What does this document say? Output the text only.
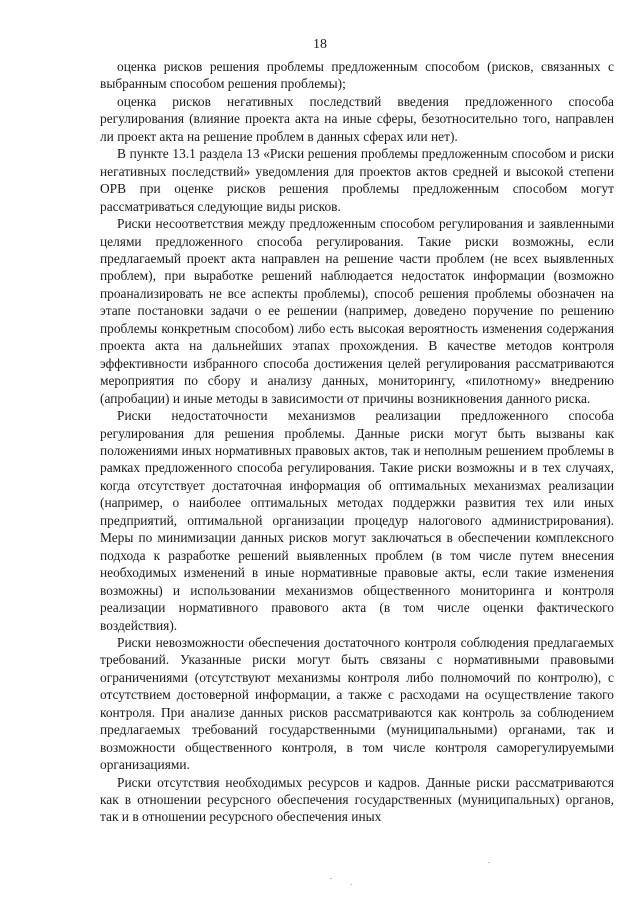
18

оценка рисков решения проблемы предложенным способом (рисков, связанных с выбранным способом решения проблемы);

оценка рисков негативных последствий введения предложенного способа регулирования (влияние проекта акта на иные сферы, безотносительно того, направлен ли проект акта на решение проблем в данных сферах или нет).

В пункте 13.1 раздела 13 «Риски решения проблемы предложенным способом и риски негативных последствий» уведомления для проектов актов средней и высокой степени ОРВ при оценке рисков решения проблемы предложенным способом могут рассматриваться следующие виды рисков.

Риски несоответствия между предложенным способом регулирования и заявленными целями предложенного способа регулирования. Такие риски возможны, если предлагаемый проект акта направлен на решение части проблем (не всех выявленных проблем), при выработке решений наблюдается недостаток информации (возможно проанализировать не все аспекты проблемы), способ решения проблемы обозначен на этапе постановки задачи о ее решении (например, доведено поручение по решению проблемы конкретным способом) либо есть высокая вероятность изменения содержания проекта акта на дальнейших этапах прохождения. В качестве методов контроля эффективности избранного способа достижения целей регулирования рассматриваются мероприятия по сбору и анализу данных, мониторингу, «пилотному» внедрению (апробации) и иные методы в зависимости от причины возникновения данного риска.

Риски недостаточности механизмов реализации предложенного способа регулирования для решения проблемы. Данные риски могут быть вызваны как положениями иных нормативных правовых актов, так и неполным решением проблемы в рамках предложенного способа регулирования. Такие риски возможны и в тех случаях, когда отсутствует достаточная информация об оптимальных механизмах реализации (например, о наиболее оптимальных методах поддержки развития тех или иных предприятий, оптимальной организации процедур налогового администрирования). Меры по минимизации данных рисков могут заключаться в обеспечении комплексного подхода к разработке решений выявленных проблем (в том числе путем внесения необходимых изменений в иные нормативные правовые акты, если такие изменения возможны) и использовании механизмов общественного мониторинга и контроля реализации нормативного правового акта (в том числе оценки фактического воздействия).

Риски невозможности обеспечения достаточного контроля соблюдения предлагаемых требований. Указанные риски могут быть связаны с нормативными правовыми ограничениями (отсутствуют механизмы контроля либо полномочий по контролю), с отсутствием достоверной информации, а также с расходами на осуществление такого контроля. При анализе данных рисков рассматриваются как контроль за соблюдением предлагаемых требований государственными (муниципальными) органами, так и возможности общественного контроля, в том числе контроля саморегулируемыми организациями.

Риски отсутствия необходимых ресурсов и кадров. Данные риски рассматриваются как в отношении ресурсного обеспечения государственных (муниципальных) органов, так и в отношении ресурсного обеспечения иных
